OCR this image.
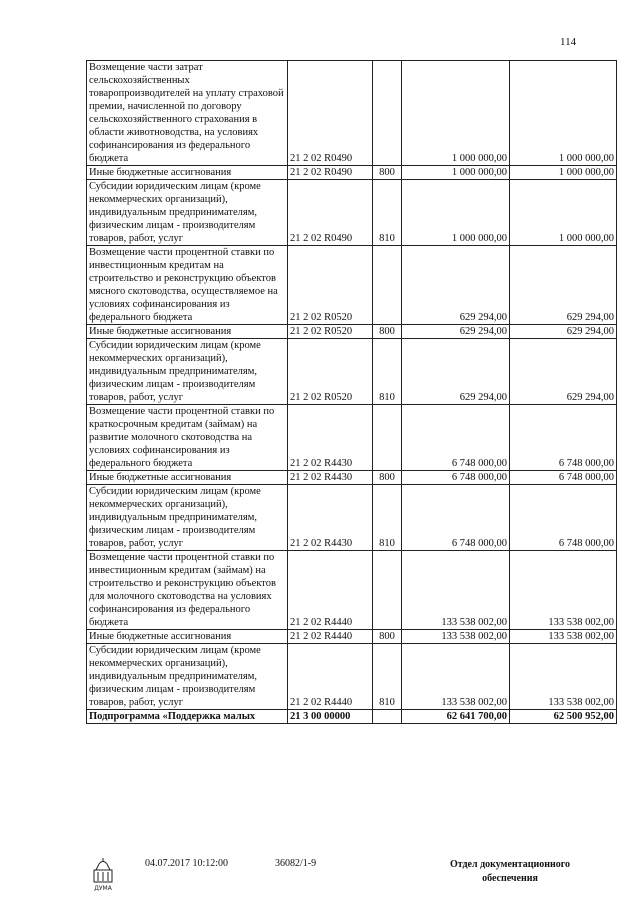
114
Возмещение части затрат сельскохозяйственных товаропроизводителей на уплату страховой премии, начисленной по договору сельскохозяйственного страхования в области животноводства, на условиях софинансирования из федерального бюджета	21 2 02 R0490		1 000 000,00	1 000 000,00
Иные бюджетные ассигнования	21 2 02 R0490	800	1 000 000,00	1 000 000,00
Субсидии юридическим лицам (кроме некоммерческих организаций), индивидуальным предпринимателям, физическим лицам - производителям товаров, работ, услуг	21 2 02 R0490	810	1 000 000,00	1 000 000,00
Возмещение части процентной ставки по инвестиционным кредитам на строительство и реконструкцию объектов мясного скотоводства, осуществляемое на условиях софинансирования из федерального бюджета	21 2 02 R0520		629 294,00	629 294,00
Иные бюджетные ассигнования	21 2 02 R0520	800	629 294,00	629 294,00
Субсидии юридическим лицам (кроме некоммерческих организаций), индивидуальным предпринимателям, физическим лицам - производителям товаров, работ, услуг	21 2 02 R0520	810	629 294,00	629 294,00
Возмещение части процентной ставки по краткосрочным кредитам (займам) на развитие молочного скотоводства на условиях софинансирования из федерального бюджета	21 2 02 R4430		6 748 000,00	6 748 000,00
Иные бюджетные ассигнования	21 2 02 R4430	800	6 748 000,00	6 748 000,00
Субсидии юридическим лицам (кроме некоммерческих организаций), индивидуальным предпринимателям, физическим лицам - производителям товаров, работ, услуг	21 2 02 R4430	810	6 748 000,00	6 748 000,00
Возмещение части процентной ставки по инвестиционным кредитам (займам) на строительство и реконструкцию объектов для молочного скотоводства на условиях софинансирования из федерального бюджета	21 2 02 R4440		133 538 002,00	133 538 002,00
Иные бюджетные ассигнования	21 2 02 R4440	800	133 538 002,00	133 538 002,00
Субсидии юридическим лицам (кроме некоммерческих организаций), индивидуальным предпринимателям, физическим лицам - производителям товаров, работ, услуг	21 2 02 R4440	810	133 538 002,00	133 538 002,00
Подпрограмма «Поддержка малых	21 3 00 00000		62 641 700,00	62 500 952,00
ДУМА
04.07.2017 10:12:00	36082/1-9	Отдел документационного обеспечения
